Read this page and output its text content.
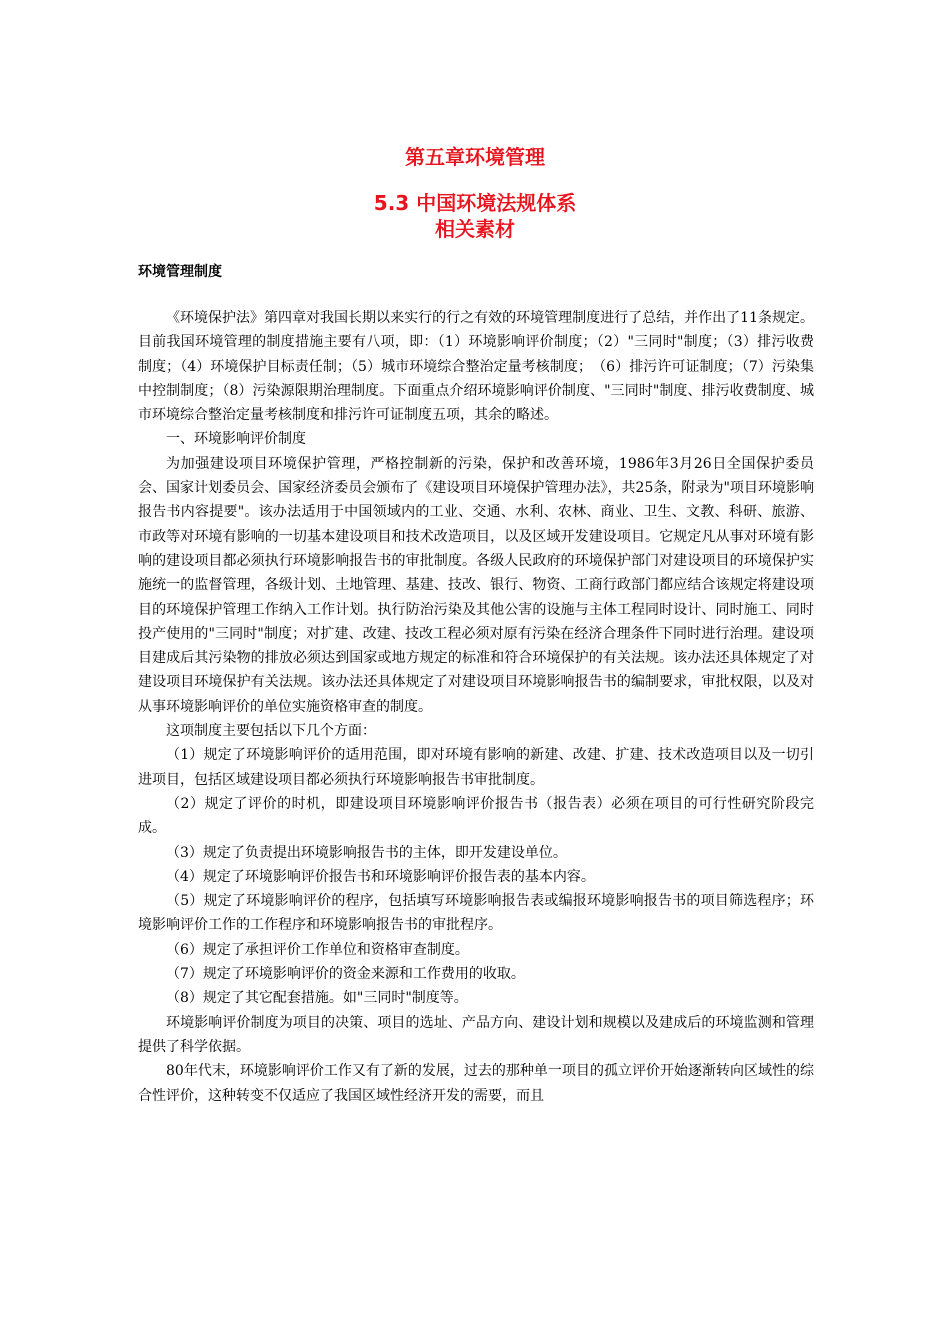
第五章环境管理
5.3 中国环境法规体系
相关素材
环境管理制度

《环境保护法》第四章对我国长期以来实行的行之有效的环境管理制度进行了总结，并作出了11条规定。目前我国环境管理的制度措施主要有八项，即：（1）环境影响评价制度；（2）"三同时"制度；（3）排污收费制度；（4）环境保护目标责任制；（5）城市环境综合整治定量考核制度；　（6）排污许可证制度；（7）污染集中控制制度；（8）污染源限期治理制度。下面重点介绍环境影响评价制度、"三同时"制度、排污收费制度、城市环境综合整治定量考核制度和排污许可证制度五项，其余的略述。

一、环境影响评价制度

为加强建设项目环境保护管理，严格控制新的污染，保护和改善环境，1986年3月26日全国保护委员会、国家计划委员会、国家经济委员会颁布了《建设项目环境保护管理办法》，共25条，附录为"项目环境影响报告书内容提要"。该办法适用于中国领域内的工业、交通、水利、农林、商业、卫生、文教、科研、旅游、市政等对环境有影响的一切基本建设项目和技术改造项目，以及区域开发建设项目。它规定凡从事对环境有影响的建设项目都必须执行环境影响报告书的审批制度。各级人民政府的环境保护部门对建设项目的环境保护实施统一的监督管理，各级计划、土地管理、基建、技改、银行、物资、工商行政部门都应结合该规定将建设项目的环境保护管理工作纳入工作计划。执行防治污染及其他公害的设施与主体工程同时设计、同时施工、同时投产使用的"三同时"制度；对扩建、改建、技改工程必须对原有污染在经济合理条件下同时进行治理。建设项目建成后其污染物的排放必须达到国家或地方规定的标准和符合环境保护的有关法规。该办法还具体规定了对建设项目环境保护有关法规。该办法还具体规定了对建设项目环境影响报告书的编制要求，审批权限，以及对从事环境影响评价的单位实施资格审查的制度。

这项制度主要包括以下几个方面：

（1）规定了环境影响评价的适用范围，即对环境有影响的新建、改建、扩建、技术改造项目以及一切引进项目，包括区域建设项目都必须执行环境影响报告书审批制度。

（2）规定了评价的时机，即建设项目环境影响评价报告书（报告表）必须在项目的可行性研究阶段完成。

（3）规定了负责提出环境影响报告书的主体，即开发建设单位。

（4）规定了环境影响评价报告书和环境影响评价报告表的基本内容。

（5）规定了环境影响评价的程序，包括填写环境影响报告表或编报环境影响报告书的项目筛选程序；环境影响评价工作的工作程序和环境影响报告书的审批程序。

（6）规定了承担评价工作单位和资格审查制度。

（7）规定了环境影响评价的资金来源和工作费用的收取。

（8）规定了其它配套措施。如"三同时"制度等。

环境影响评价制度为项目的决策、项目的选址、产品方向、建设计划和规模以及建成后的环境监测和管理提供了科学依据。

80年代末，环境影响评价工作又有了新的发展，过去的那种单一项目的孤立评价开始逐渐转向区域性的综合性评价，这种转变不仅适应了我国区域性经济开发的需要，而且
